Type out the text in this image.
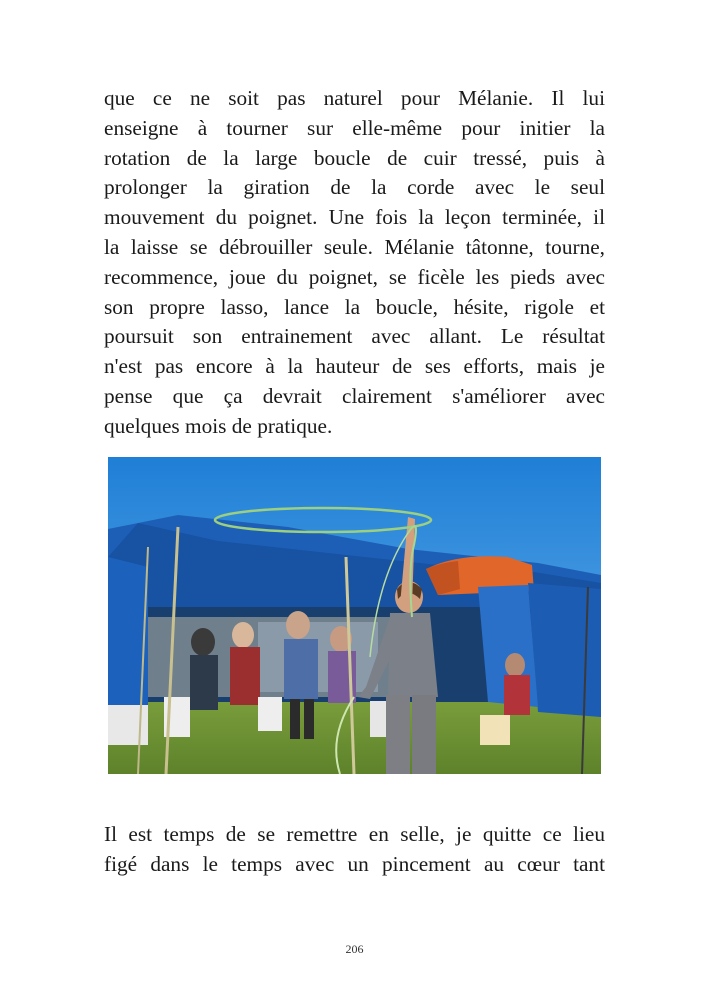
que ce ne soit pas naturel pour Mélanie. Il lui
enseigne à tourner sur elle-même pour initier la
rotation de la large boucle de cuir tressé, puis à
prolonger la giration de la corde avec le seul
mouvement du poignet. Une fois la leçon terminée, il
la laisse se débrouiller seule. Mélanie tâtonne, tourne,
recommence, joue du poignet, se ficèle les pieds avec
son propre lasso, lance la boucle, hésite, rigole et
poursuit son entrainement avec allant. Le résultat
n'est pas encore à la hauteur de ses efforts, mais je
pense que ça devrait clairement s'améliorer avec
quelques mois de pratique.
Il est temps de se remettre en selle, je quitte ce lieu
figé dans le temps avec un pincement au cœur tant
206
